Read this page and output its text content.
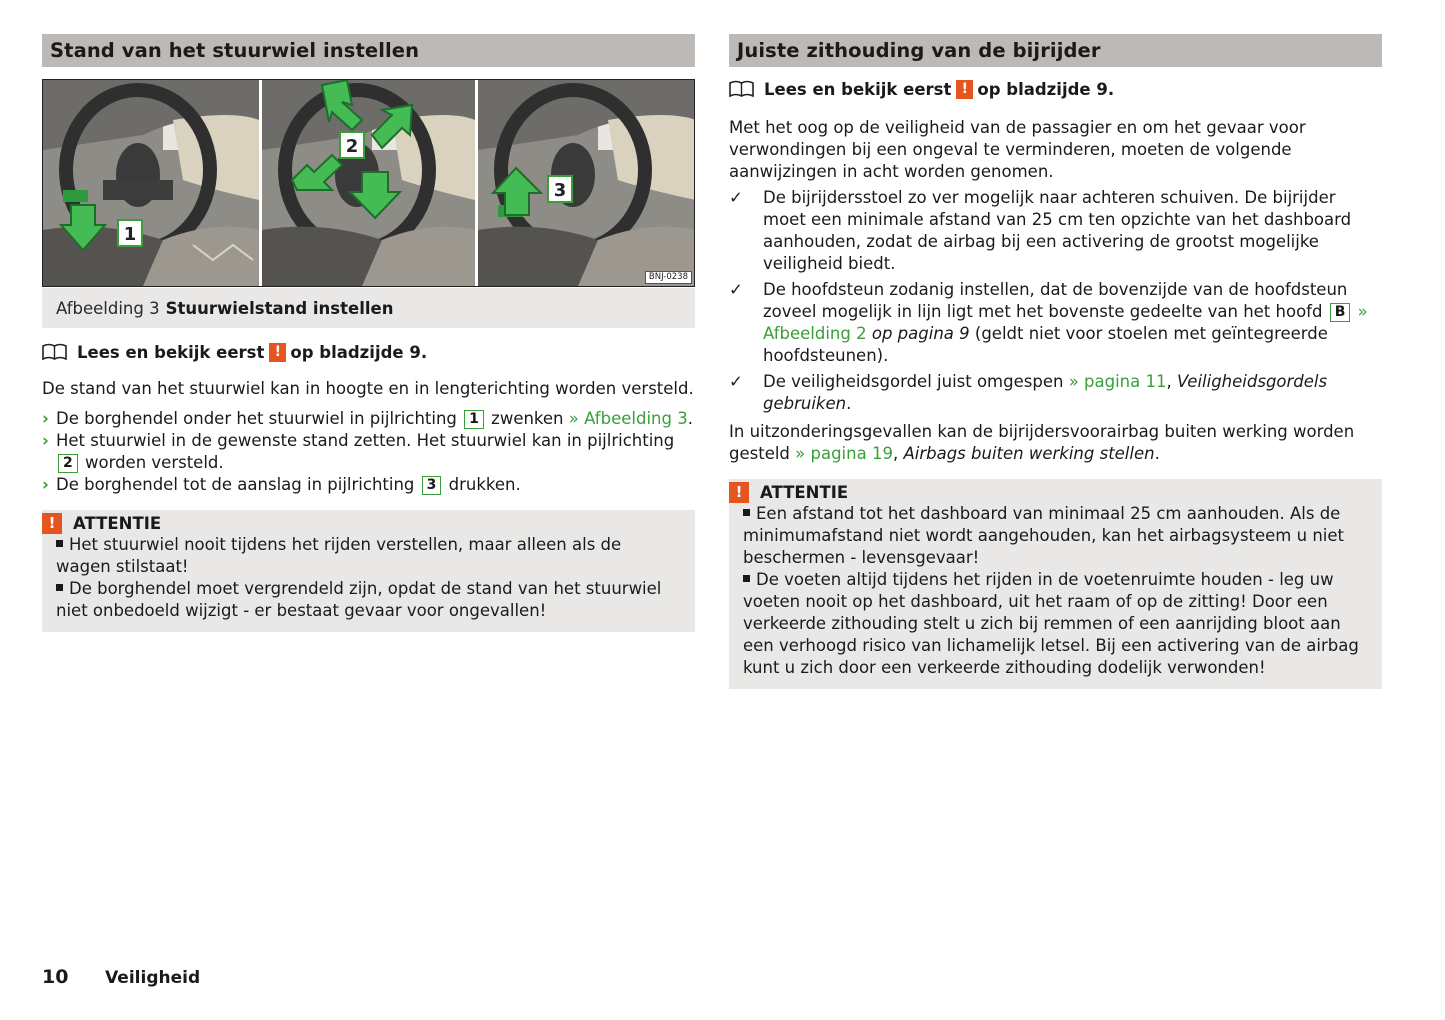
Stand van het stuurwiel instellen
1
2
3
BNJ-0238
Afbeelding 3 Stuurwielstand instellen
Lees en bekijk eerst ! op bladzijde 9.
De stand van het stuurwiel kan in hoogte en in lengterichting worden versteld.
› De borghendel onder het stuurwiel in pijlrichting 1 zwenken » Afbeelding 3.
› Het stuurwiel in de gewenste stand zetten. Het stuurwiel kan in pijlrichting 2 worden versteld.
› De borghendel tot de aanslag in pijlrichting 3 drukken.
!	ATTENTIE
Het stuurwiel nooit tijdens het rijden verstellen, maar alleen als de wagen stilstaat!
De borghendel moet vergrendeld zijn, opdat de stand van het stuurwiel niet onbedoeld wijzigt - er bestaat gevaar voor ongevallen!
Juiste zithouding van de bijrijder
Lees en bekijk eerst ! op bladzijde 9.
Met het oog op de veiligheid van de passagier en om het gevaar voor verwondingen bij een ongeval te verminderen, moeten de volgende aanwijzingen in acht worden genomen.
✓ De bijrijdersstoel zo ver mogelijk naar achteren schuiven. De bijrijder moet een minimale afstand van 25 cm ten opzichte van het dashboard aanhouden, zodat de airbag bij een activering de grootst mogelijke veiligheid biedt.
✓ De hoofdsteun zodanig instellen, dat de bovenzijde van de hoofdsteun zoveel mogelijk in lijn ligt met het bovenste gedeelte van het hoofd B » Afbeelding 2 op pagina 9 (geldt niet voor stoelen met geïntegreerde hoofdsteunen).
✓ De veiligheidsgordel juist omgespen » pagina 11, Veiligheidsgordels gebruiken.
In uitzonderingsgevallen kan de bijrijdersvoorairbag buiten werking worden gesteld » pagina 19, Airbags buiten werking stellen.
!	ATTENTIE
Een afstand tot het dashboard van minimaal 25 cm aanhouden. Als de minimumafstand niet wordt aangehouden, kan het airbagsysteem u niet beschermen - levensgevaar!
De voeten altijd tijdens het rijden in de voetenruimte houden - leg uw voeten nooit op het dashboard, uit het raam of op de zitting! Door een verkeerde zithouding stelt u zich bij remmen of een aanrijding bloot aan een verhoogd risico van lichamelijk letsel. Bij een activering van de airbag kunt u zich door een verkeerde zithouding dodelijk verwonden!
10 Veiligheid
